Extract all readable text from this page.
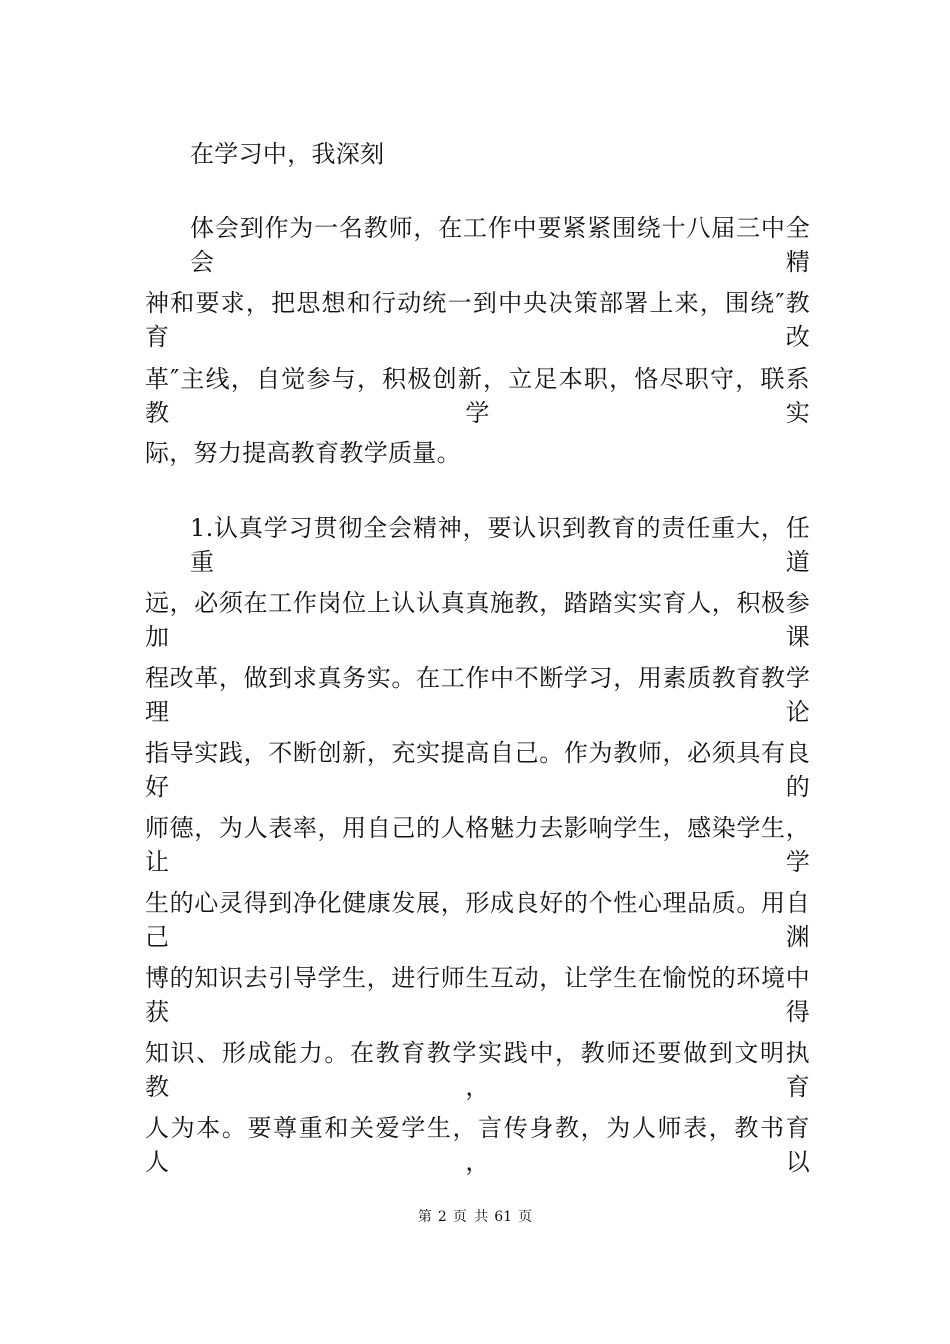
在学习中，我深刻
体会到作为一名教师，在工作中要紧紧围绕十八届三中全会精
神和要求，把思想和行动统一到中央决策部署上来，围绕″教育改
革″主线，自觉参与，积极创新，立足本职，恪尽职守，联系教学实
际，努力提高教育教学质量。
1.认真学习贯彻全会精神，要认识到教育的责任重大，任重道
远，必须在工作岗位上认认真真施教，踏踏实实育人，积极参加课
程改革，做到求真务实。在工作中不断学习，用素质教育教学理论
指导实践，不断创新，充实提高自己。作为教师，必须具有良好的
师德，为人表率，用自己的人格魅力去影响学生，感染学生，让学
生的心灵得到净化健康发展，形成良好的个性心理品质。用自己渊
博的知识去引导学生，进行师生互动，让学生在愉悦的环境中获得
知识、形成能力。在教育教学实践中，教师还要做到文明执教，育
人为本。要尊重和关爱学生，言传身教，为人师表，教书育人，以
第 2 页 共 61 页
